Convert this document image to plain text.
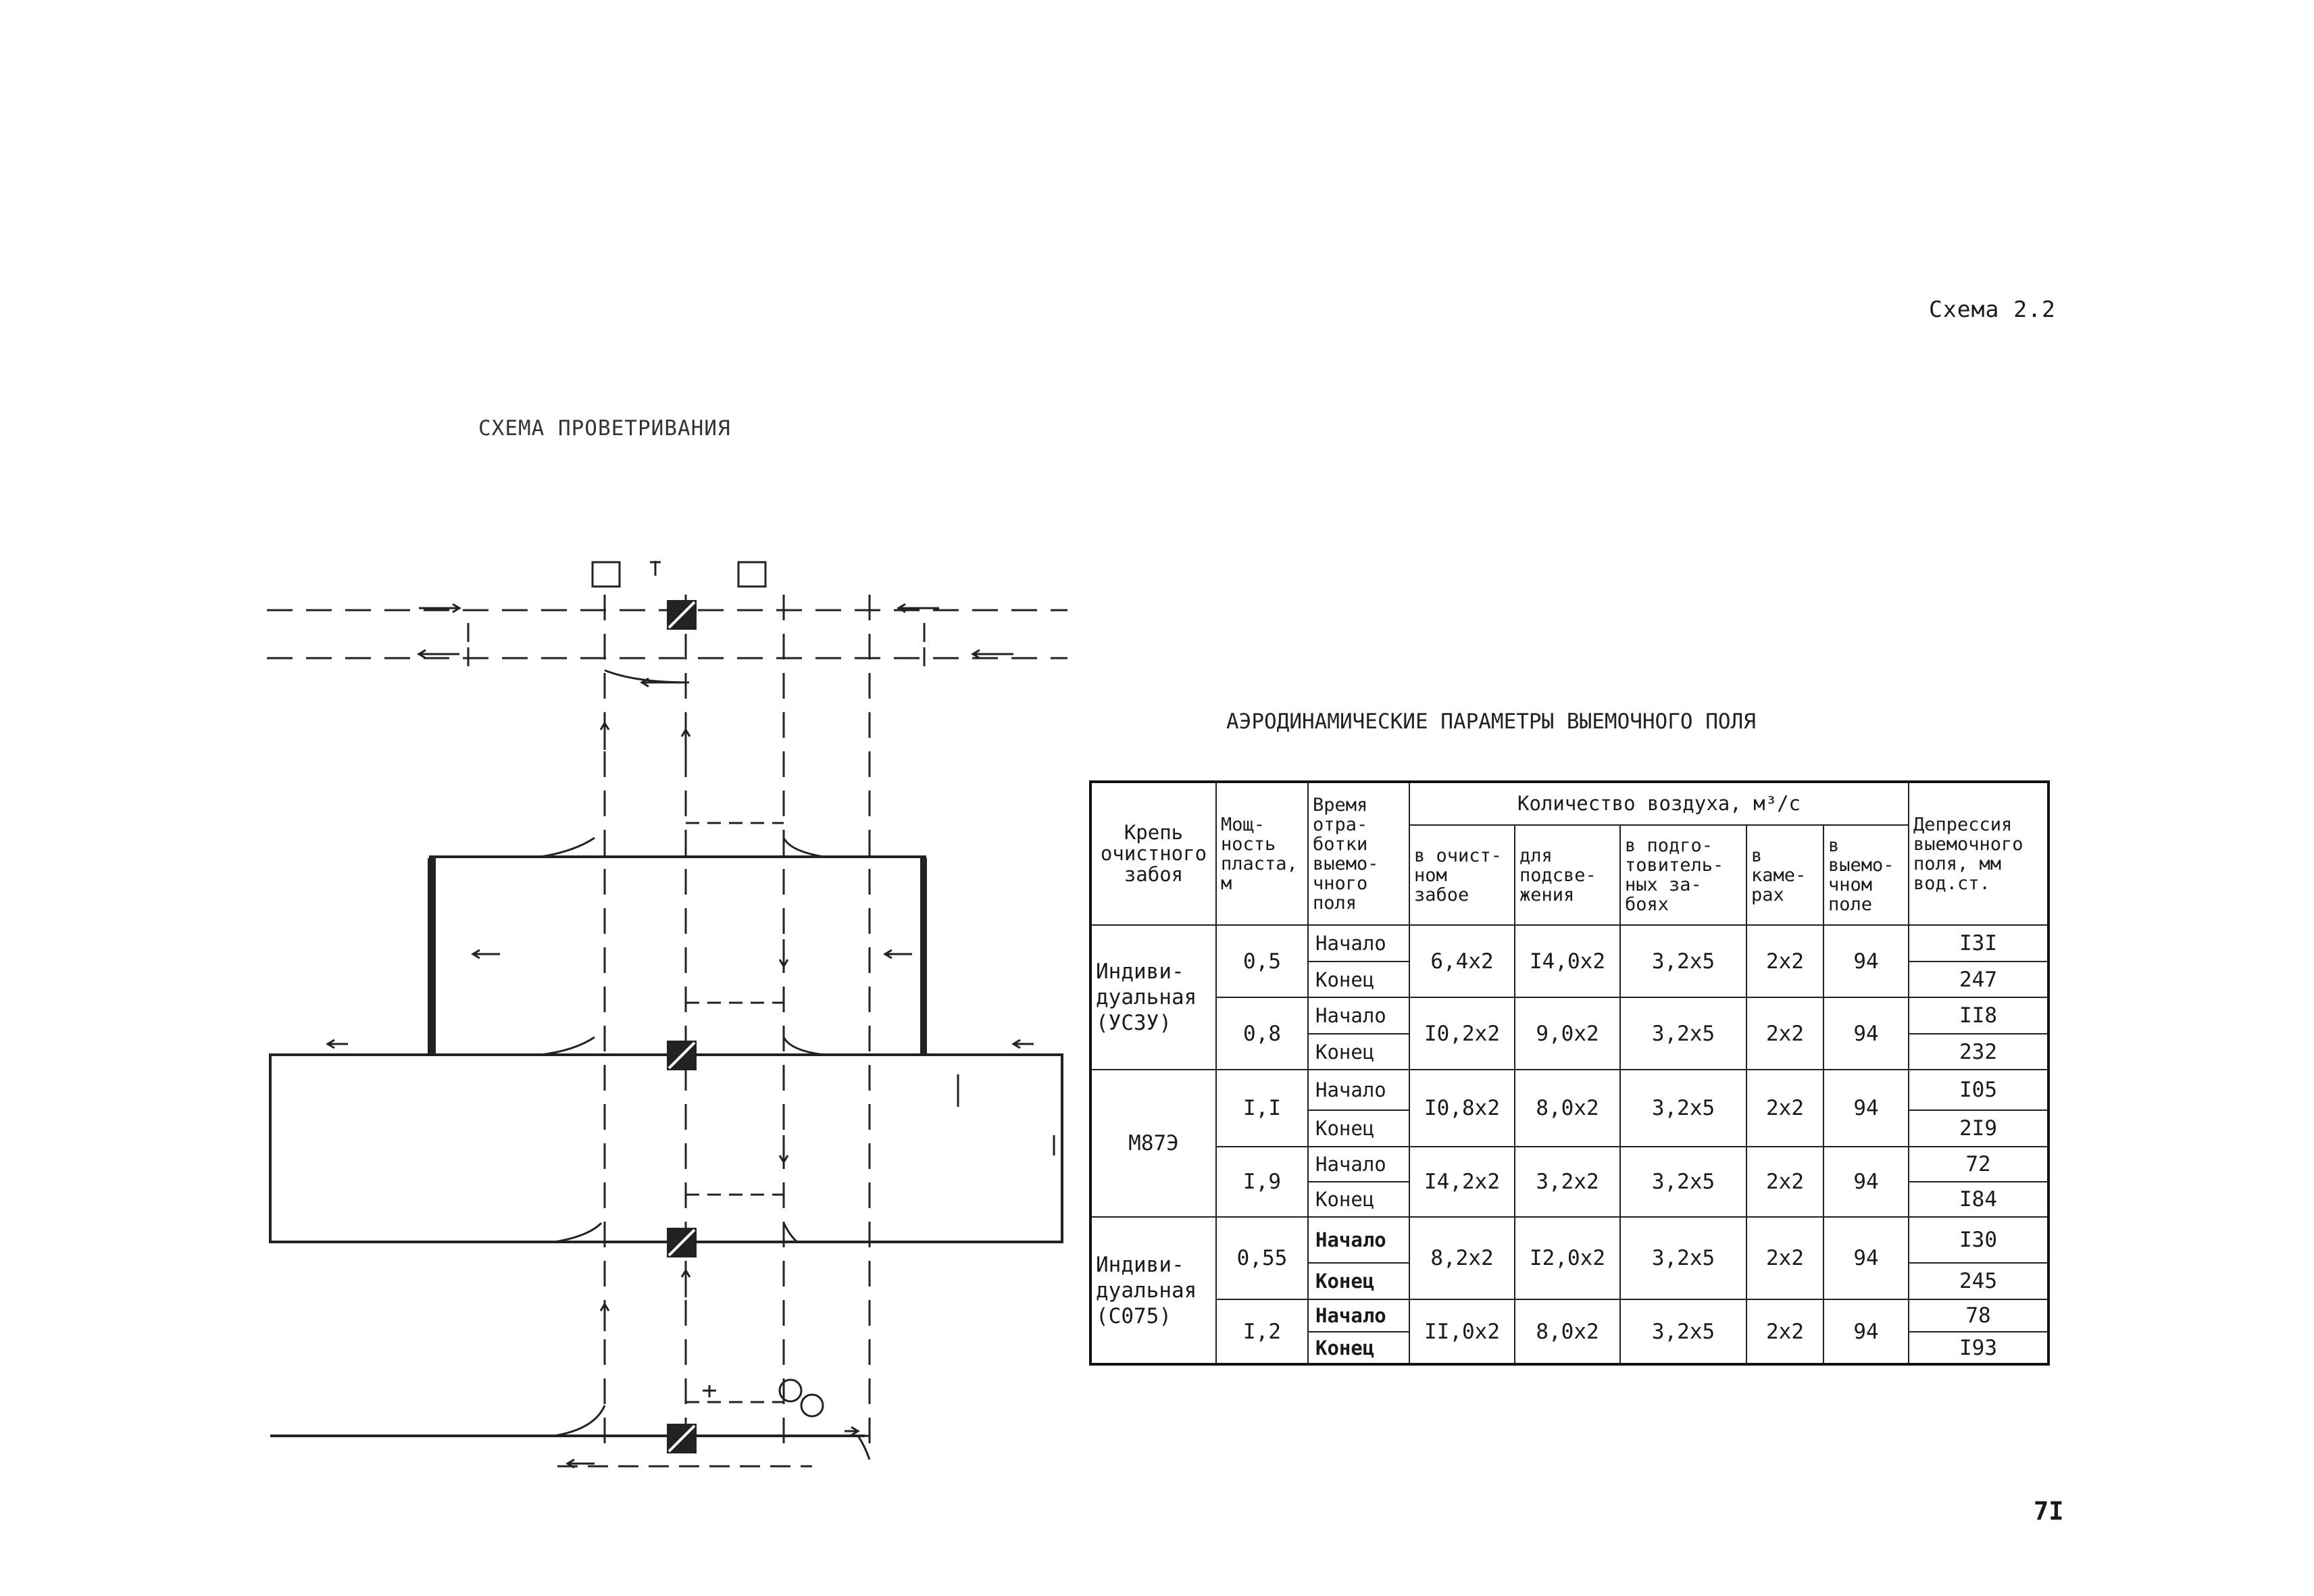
Схема 2.2
СХЕМА ПРОВЕТРИВАНИЯ
АЭРОДИНАМИЧЕСКИЕ ПАРАМЕТРЫ ВЫЕМОЧНОГО ПОЛЯ
7I
Крепь очистного забоя	Мощ- ность пласта, м	Время отра- ботки выемо- чного поля	Количество воздуха, м³/с					Депрессия выемочного поля, мм вод.ст.
			в очист- ном забое	для подсве- жения	в подго- товитель- ных за- боях	в каме- рах	в выемо- чном поле	
Индиви- дуальная (УСЗУ)	0,5	Начало	6,4x2	I4,0x2	3,2x5	2x2	94	I3I
		Конец						247
	0,8	Начало	I0,2x2	9,0x2	3,2x5	2x2	94	II8
		Конец						232
М87Э	I,I	Начало	I0,8x2	8,0x2	3,2x5	2x2	94	I05
		Конец						2I9
	I,9	Начало	I4,2x2	3,2x2	3,2x5	2x2	94	72
		Конец						I84
Индиви- дуальная (С075)	0,55	Начало	8,2x2	I2,0x2	3,2x5	2x2	94	I30
		Конец						245
	I,2	Начало	II,0x2	8,0x2	3,2x5	2x2	94	78
		Конец						I93
